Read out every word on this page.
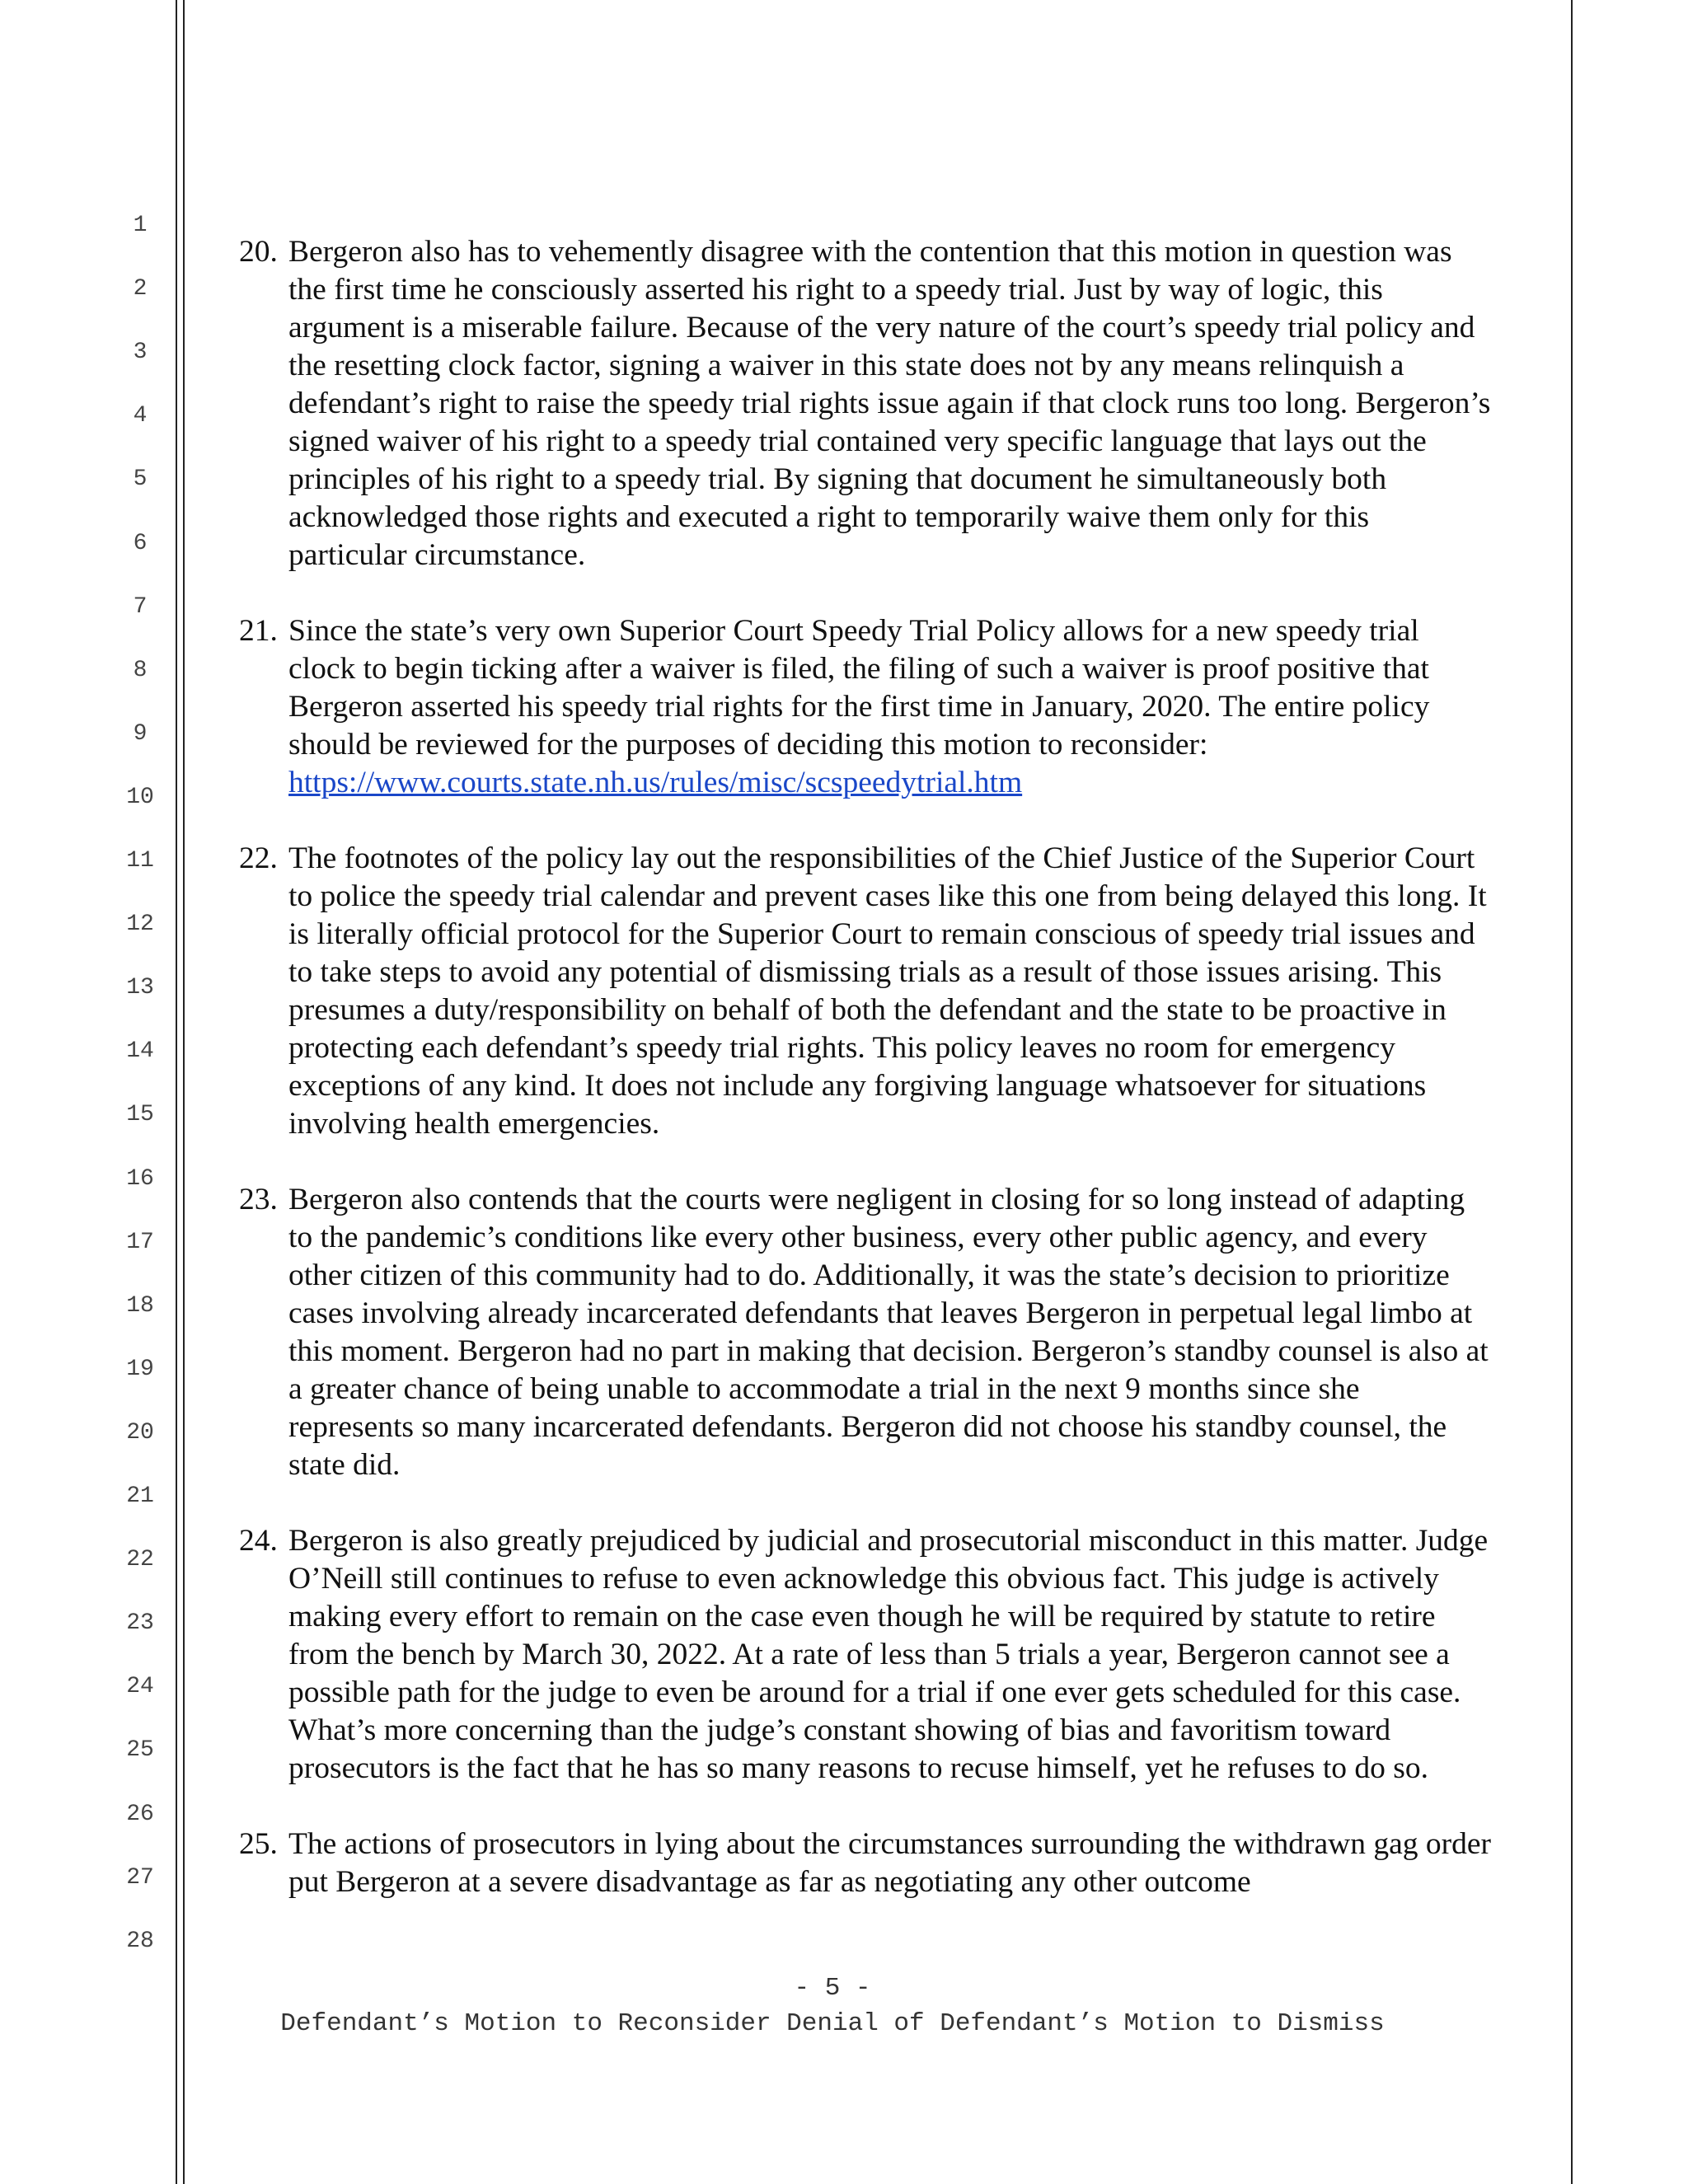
1
2
3
4
5
6
7
8
9
10
11
12
13
14
15
16
17
18
19
20
21
22
23
24
25
26
27
28
20. Bergeron also has to vehemently disagree with the contention that this motion in question was the first time he consciously asserted his right to a speedy trial. Just by way of logic, this argument is a miserable failure. Because of the very nature of the court’s speedy trial policy and the resetting clock factor, signing a waiver in this state does not by any means relinquish a defendant’s right to raise the speedy trial rights issue again if that clock runs too long. Bergeron’s signed waiver of his right to a speedy trial contained very specific language that lays out the principles of his right to a speedy trial. By signing that document he simultaneously both acknowledged those rights and executed a right to temporarily waive them only for this particular circumstance.
21. Since the state’s very own Superior Court Speedy Trial Policy allows for a new speedy trial clock to begin ticking after a waiver is filed, the filing of such a waiver is proof positive that Bergeron asserted his speedy trial rights for the first time in January, 2020. The entire policy should be reviewed for the purposes of deciding this motion to reconsider: https://www.courts.state.nh.us/rules/misc/scspeedytrial.htm
22. The footnotes of the policy lay out the responsibilities of the Chief Justice of the Superior Court to police the speedy trial calendar and prevent cases like this one from being delayed this long. It is literally official protocol for the Superior Court to remain conscious of speedy trial issues and to take steps to avoid any potential of dismissing trials as a result of those issues arising. This presumes a duty/responsibility on behalf of both the defendant and the state to be proactive in protecting each defendant’s speedy trial rights. This policy leaves no room for emergency exceptions of any kind. It does not include any forgiving language whatsoever for situations involving health emergencies.
23. Bergeron also contends that the courts were negligent in closing for so long instead of adapting to the pandemic’s conditions like every other business, every other public agency, and every other citizen of this community had to do. Additionally, it was the state’s decision to prioritize cases involving already incarcerated defendants that leaves Bergeron in perpetual legal limbo at this moment. Bergeron had no part in making that decision. Bergeron’s standby counsel is also at a greater chance of being unable to accommodate a trial in the next 9 months since she represents so many incarcerated defendants. Bergeron did not choose his standby counsel, the state did.
24. Bergeron is also greatly prejudiced by judicial and prosecutorial misconduct in this matter. Judge O’Neill still continues to refuse to even acknowledge this obvious fact. This judge is actively making every effort to remain on the case even though he will be required by statute to retire from the bench by March 30, 2022. At a rate of less than 5 trials a year, Bergeron cannot see a possible path for the judge to even be around for a trial if one ever gets scheduled for this case. What’s more concerning than the judge’s constant showing of bias and favoritism toward prosecutors is the fact that he has so many reasons to recuse himself, yet he refuses to do so.
25. The actions of prosecutors in lying about the circumstances surrounding the withdrawn gag order put Bergeron at a severe disadvantage as far as negotiating any other outcome
- 5 -
Defendant’s Motion to Reconsider Denial of Defendant’s Motion to Dismiss
